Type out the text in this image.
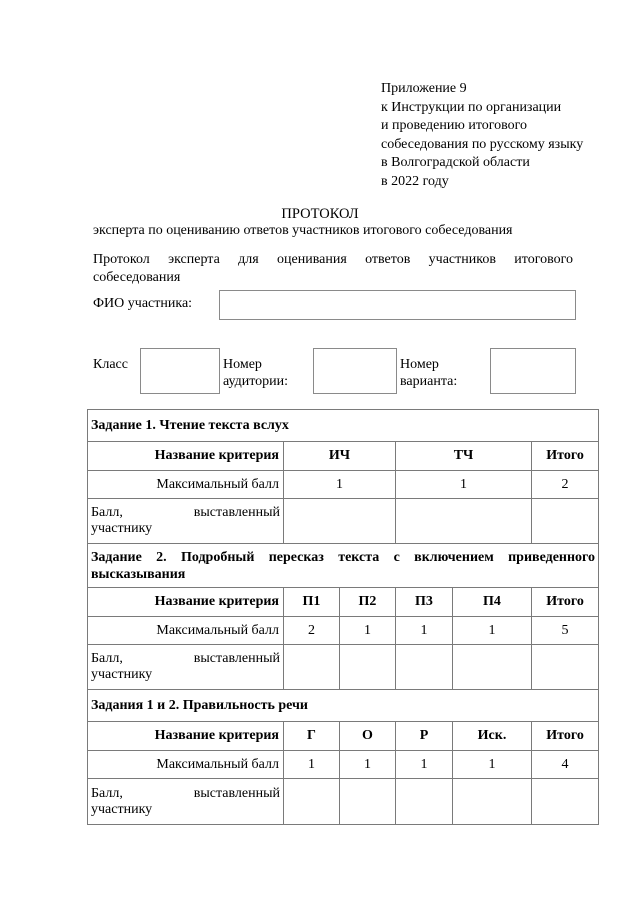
Приложение 9
к Инструкции по организации
и проведению итогового
собеседования по русскому языку
в Волгоградской области
в 2022 году
ПРОТОКОЛ
эксперта по оцениванию ответов участников итогового собеседования
Протокол эксперта для оценивания ответов участников итогового собеседования
ФИО участника:
Класс	Номер
аудитории:
Номер
варианта:
Задание 1. Чтение текста вслух					
Название критерия	ИЧ		ТЧ		Итого
Максимальный балл	1		1		2

Балл, выставленный
участнику					

Задание 2. Подробный пересказ текста с включением приведенного высказывания					
Название критерия	П1	П2	П3	П4	Итого
Максимальный балл	2	1	1	1	5

Балл, выставленный
участнику					

Задания 1 и 2. Правильность речи					
Название критерия	Г	О	Р	Иск.	Итого
Максимальный балл	1	1	1	1	4

Балл, выставленный
участнику					
